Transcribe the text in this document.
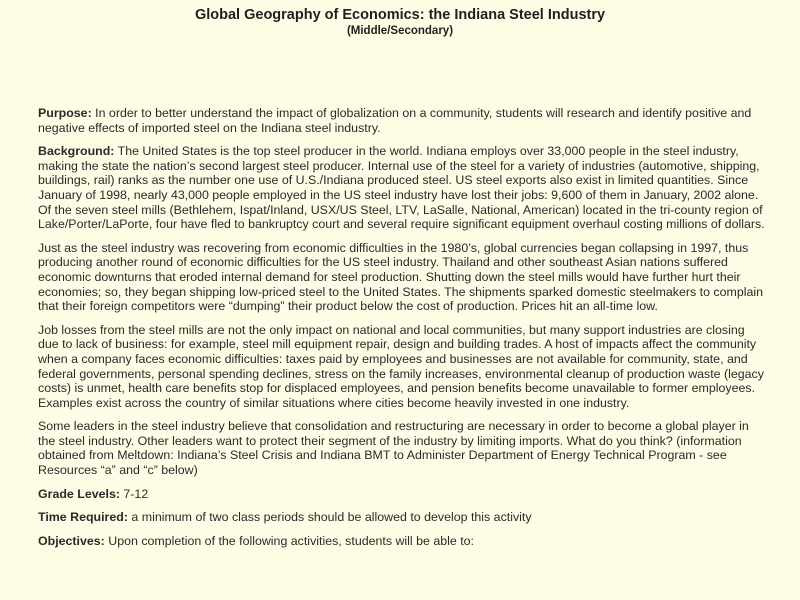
Global Geography of Economics: the Indiana Steel Industry
(Middle/Secondary)

Purpose: In order to better understand the impact of globalization on a community, students will research and identify positive and negative effects of imported steel on the Indiana steel industry.

Background: The United States is the top steel producer in the world. Indiana employs over 33,000 people in the steel industry, making the state the nation’s second largest steel producer. Internal use of the steel for a variety of industries (automotive, shipping, buildings, rail) ranks as the number one use of U.S./Indiana produced steel. US steel exports also exist in limited quantities. Since January of 1998, nearly 43,000 people employed in the US steel industry have lost their jobs: 9,600 of them in January, 2002 alone. Of the seven steel mills (Bethlehem, Ispat/Inland, USX/US Steel, LTV, LaSalle, National, American) located in the tri-county region of Lake/Porter/LaPorte, four have fled to bankruptcy court and several require significant equipment overhaul costing millions of dollars.

Just as the steel industry was recovering from economic difficulties in the 1980’s, global currencies began collapsing in 1997, thus producing another round of economic difficulties for the US steel industry. Thailand and other southeast Asian nations suffered economic downturns that eroded internal demand for steel production. Shutting down the steel mills would have further hurt their economies; so, they began shipping low-priced steel to the United States. The shipments sparked domestic steelmakers to complain that their foreign competitors were “dumping” their product below the cost of production. Prices hit an all-time low.

Job losses from the steel mills are not the only impact on national and local communities, but many support industries are closing due to lack of business: for example, steel mill equipment repair, design and building trades. A host of impacts affect the community when a company faces economic difficulties: taxes paid by employees and businesses are not available for community, state, and federal governments, personal spending declines, stress on the family increases, environmental cleanup of production waste (legacy costs) is unmet, health care benefits stop for displaced employees, and pension benefits become unavailable to former employees. Examples exist across the country of similar situations where cities become heavily invested in one industry.

Some leaders in the steel industry believe that consolidation and restructuring are necessary in order to become a global player in the steel industry. Other leaders want to protect their segment of the industry by limiting imports. What do you think? (information obtained from Meltdown: Indiana’s Steel Crisis and Indiana BMT to Administer Department of Energy Technical Program - see Resources “a” and “c” below)

Grade Levels: 7-12

Time Required: a minimum of two class periods should be allowed to develop this activity

Objectives: Upon completion of the following activities, students will be able to:
